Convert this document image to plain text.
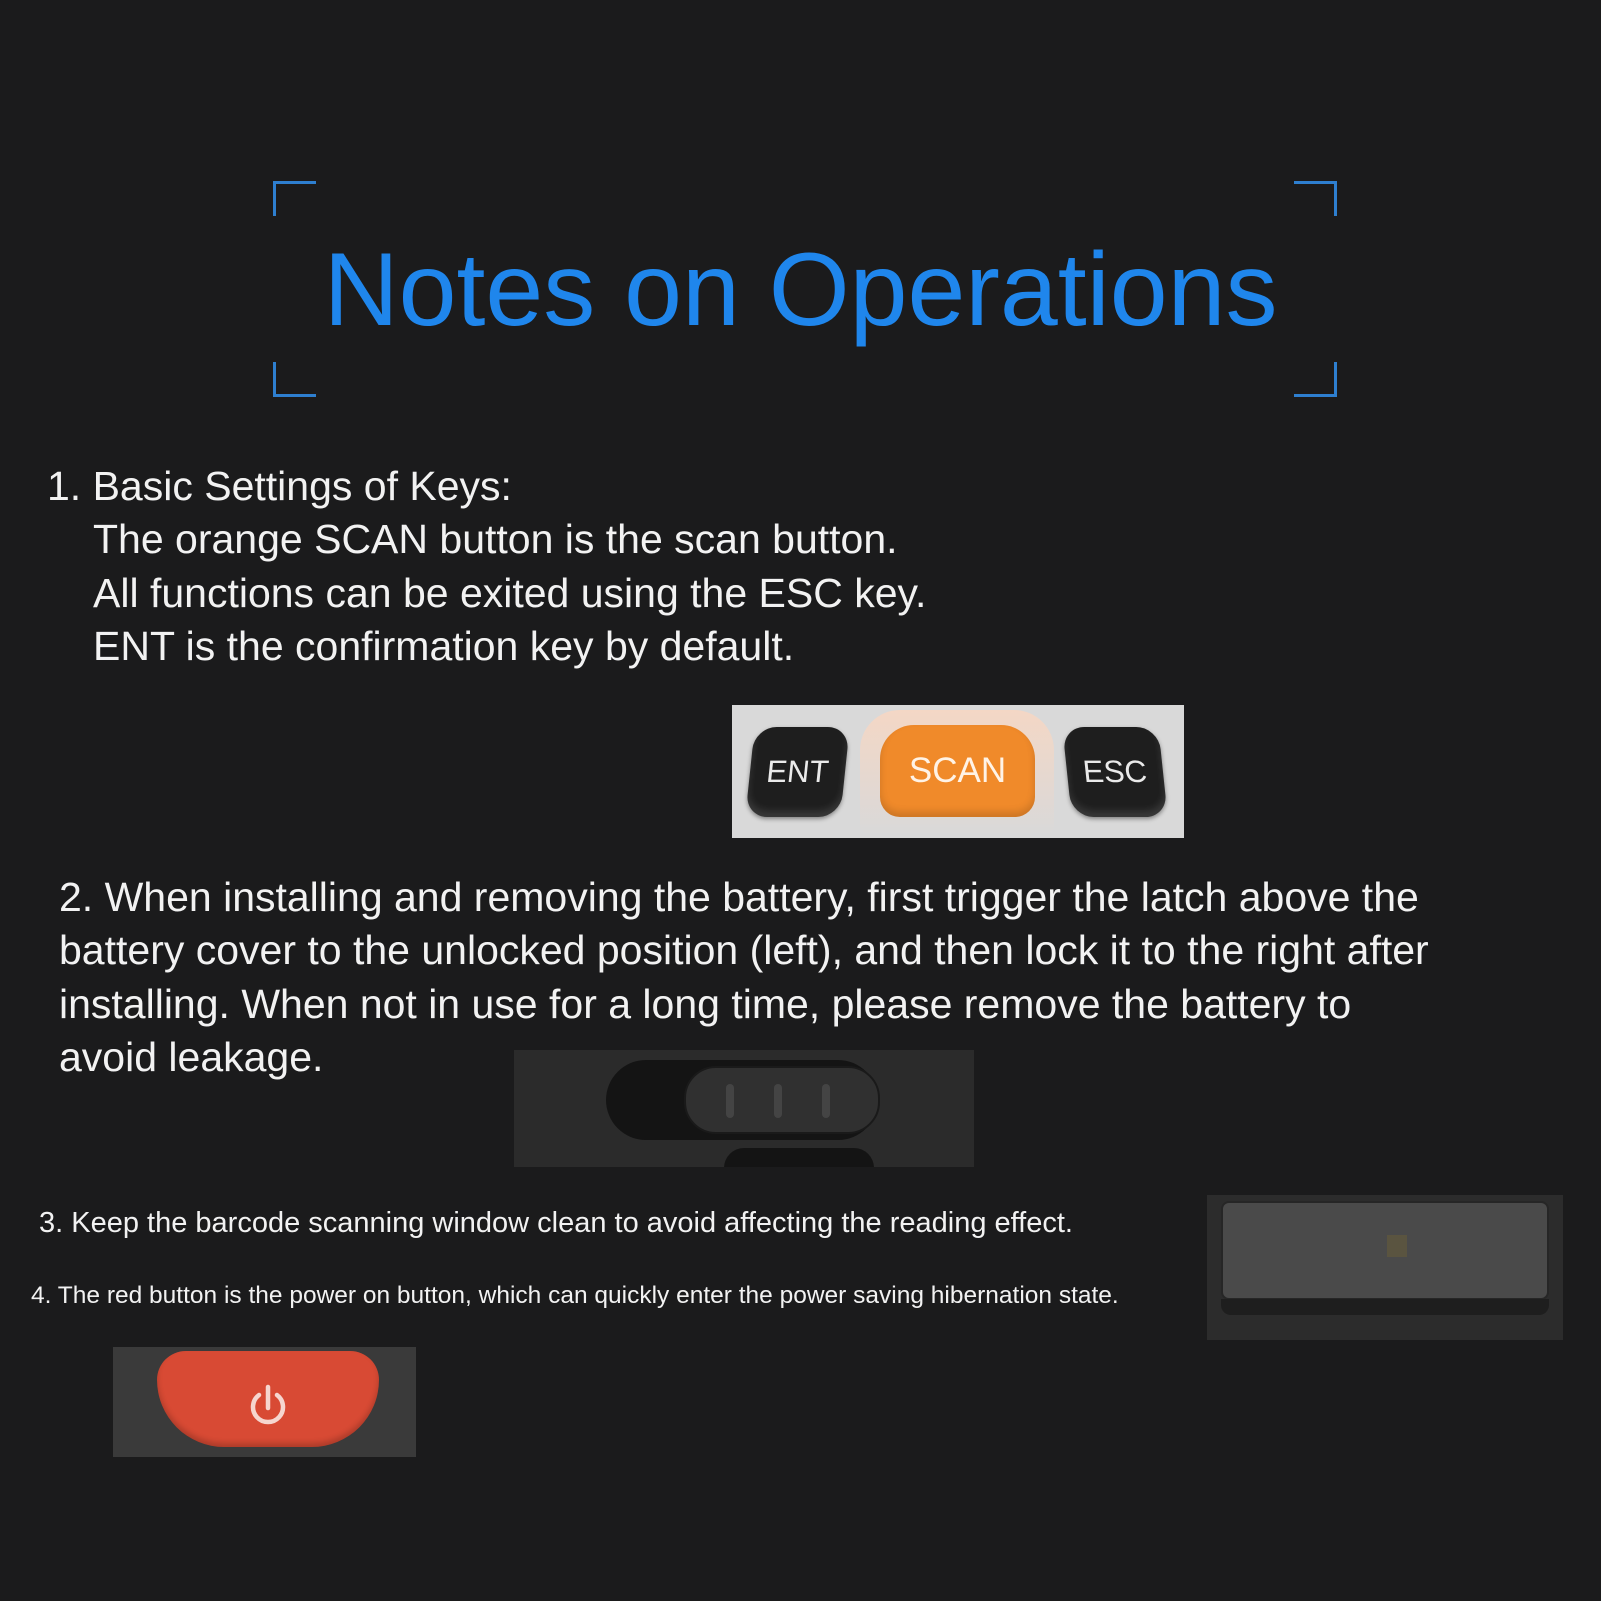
Notes on Operations
1. Basic Settings of Keys:
The orange SCAN button is the scan button.
All functions can be exited using the ESC key.
ENT is the confirmation key by default.
ENT	SCAN	ESC
2. When installing and removing the battery, first trigger the latch above the
battery cover to the unlocked position (left), and then lock it to the right after
installing. When not in use for a long time, please remove the battery to
avoid leakage.
3. Keep the barcode scanning window clean to avoid affecting the reading effect.
4. The red button is the power on button, which can quickly enter the power saving hibernation state.
